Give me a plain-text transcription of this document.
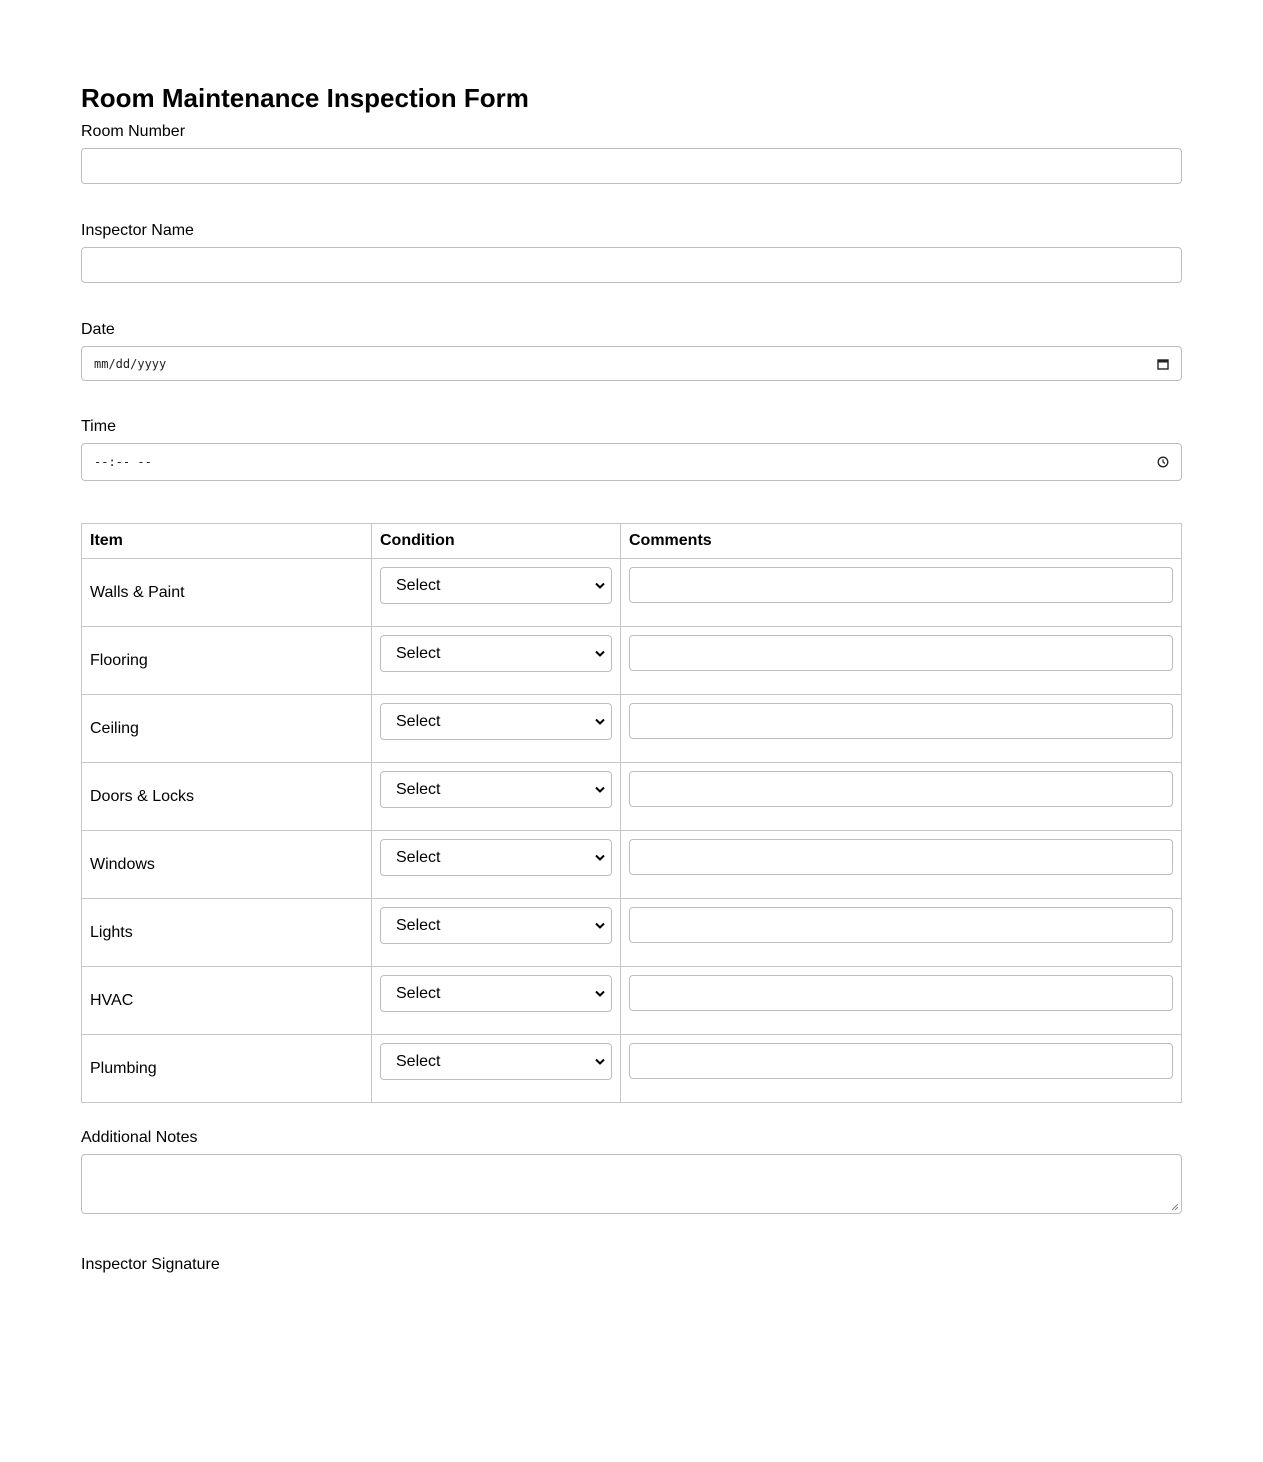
Room Maintenance Inspection Form
Room Number
Inspector Name
Date
mm/dd/yyyy
Time
--:-- --
Item	Condition	Comments
Walls & Paint	Select	

Flooring	Select	

Ceiling	Select	

Doors & Locks	Select	

Windows	Select	

Lights	Select	

HVAC	Select	

Plumbing	Select	

Additional Notes
Inspector Signature
